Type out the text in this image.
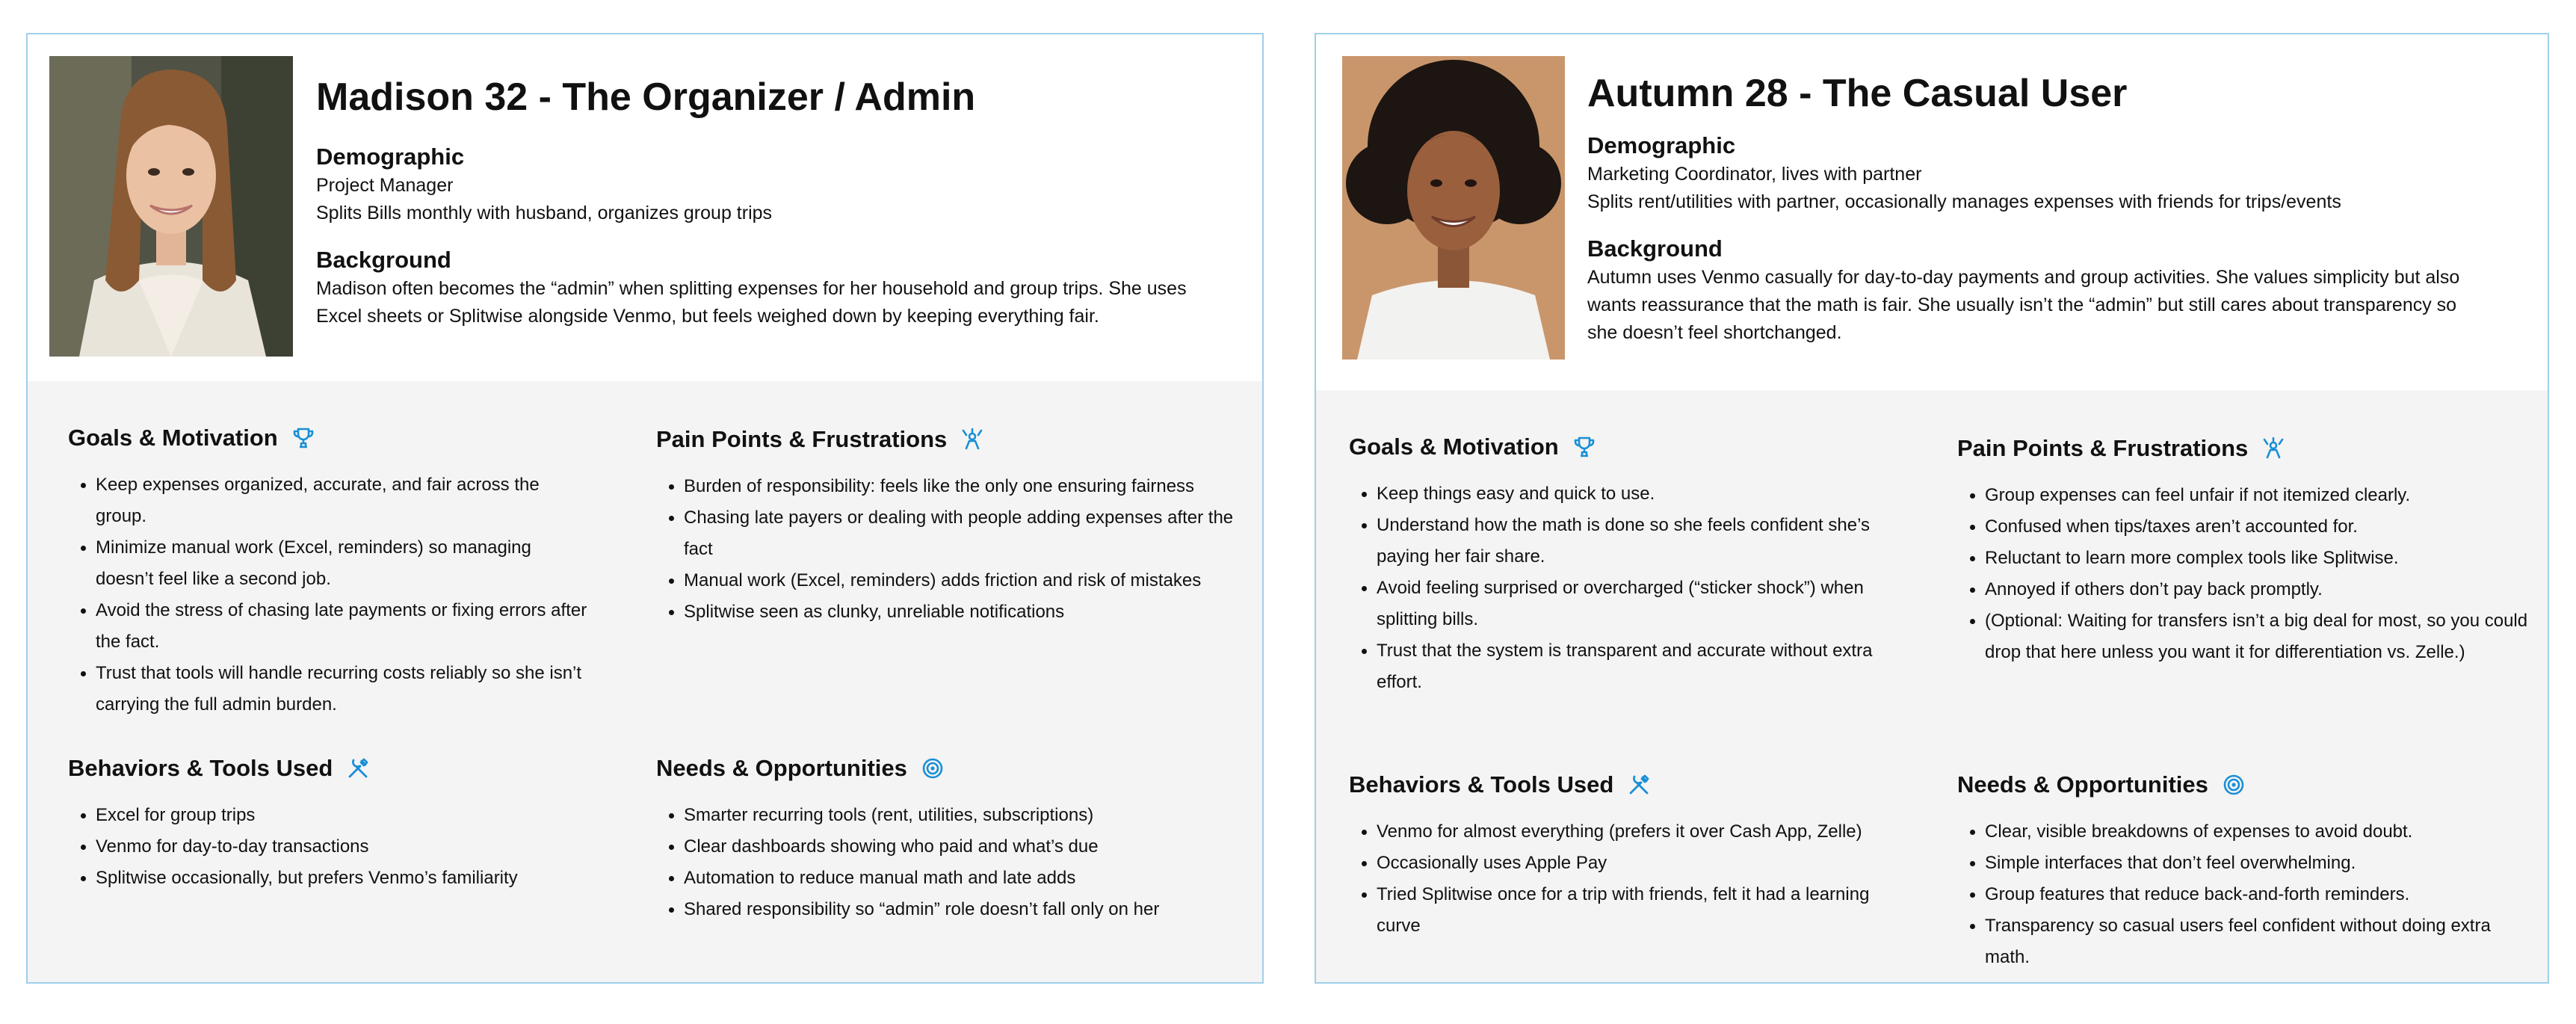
Madison 32 - The Organizer / Admin
Demographic

Project Manager

Splits Bills monthly with husband, organizes group trips

Background

Madison often becomes the “admin” when splitting expenses for her household and group trips. She uses

Excel sheets or Splitwise alongside Venmo, but feels weighed down by keeping everything fair.

Goals & Motivation
• Keep expenses organized, accurate, and fair across the group.
• Minimize manual work (Excel, reminders) so managing doesn’t feel like a second job.
• Avoid the stress of chasing late payments or fixing errors after the fact.
• Trust that tools will handle recurring costs reliably so she isn’t carrying the full admin burden.
Pain Points & Frustrations
• Burden of responsibility: feels like the only one ensuring fairness
• Chasing late payers or dealing with people adding expenses after the fact
• Manual work (Excel, reminders) adds friction and risk of mistakes
• Splitwise seen as clunky, unreliable notifications
Behaviors & Tools Used
• Excel for group trips
• Venmo for day-to-day transactions
• Splitwise occasionally, but prefers Venmo’s familiarity
Needs & Opportunities
• Smarter recurring tools (rent, utilities, subscriptions)
• Clear dashboards showing who paid and what’s due
• Automation to reduce manual math and late adds
• Shared responsibility so “admin” role doesn’t fall only on her
Autumn 28 - The Casual User
Demographic

Marketing Coordinator, lives with partner

Splits rent/utilities with partner, occasionally manages expenses with friends for trips/events

Background

Autumn uses Venmo casually for day-to-day payments and group activities. She values simplicity but also

wants reassurance that the math is fair. She usually isn’t the “admin” but still cares about transparency so

she doesn’t feel shortchanged.

Goals & Motivation
• Keep things easy and quick to use.
• Understand how the math is done so she feels confident she’s paying her fair share.
• Avoid feeling surprised or overcharged (“sticker shock”) when splitting bills.
• Trust that the system is transparent and accurate without extra effort.
Pain Points & Frustrations
• Group expenses can feel unfair if not itemized clearly.
• Confused when tips/taxes aren’t accounted for.
• Reluctant to learn more complex tools like Splitwise.
• Annoyed if others don’t pay back promptly.
• (Optional: Waiting for transfers isn’t a big deal for most, so you could drop that here unless you want it for differentiation vs. Zelle.)
Behaviors & Tools Used
• Venmo for almost everything (prefers it over Cash App, Zelle)
• Occasionally uses Apple Pay
• Tried Splitwise once for a trip with friends, felt it had a learning curve
Needs & Opportunities
• Clear, visible breakdowns of expenses to avoid doubt.
• Simple interfaces that don’t feel overwhelming.
• Group features that reduce back-and-forth reminders.
• Transparency so casual users feel confident without doing extra math.
